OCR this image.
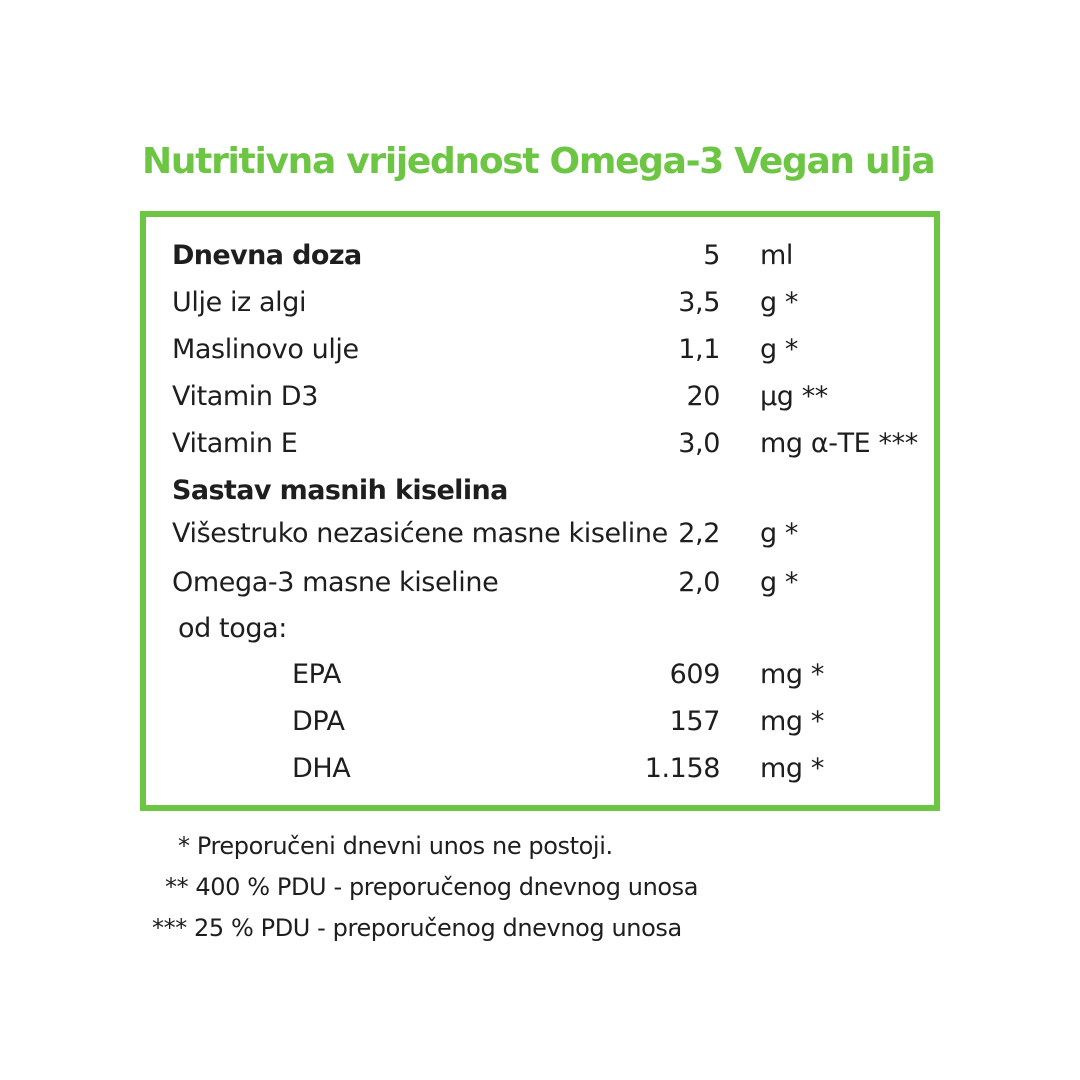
Nutritivna vrijednost Omega-3 Vegan ulja
Dnevna doza	5 ml
Ulje iz algi	3,5 g *
Maslinovo ulje	1,1 g *
Vitamin D3	20 µg **
Vitamin E	3,0 mg α-TE ***
Sastav masnih kiselina
Višestruko nezasićene masne kiseline 2,2 g *
Omega-3 masne kiseline	2,0 g *
od toga:
EPA	609 mg *
DPA	157 mg *
DHA	1.158 mg *
* Preporučeni dnevni unos ne postoji.
** 400 % PDU - preporučenog dnevnog unosa
*** 25 % PDU - preporučenog dnevnog unosa
